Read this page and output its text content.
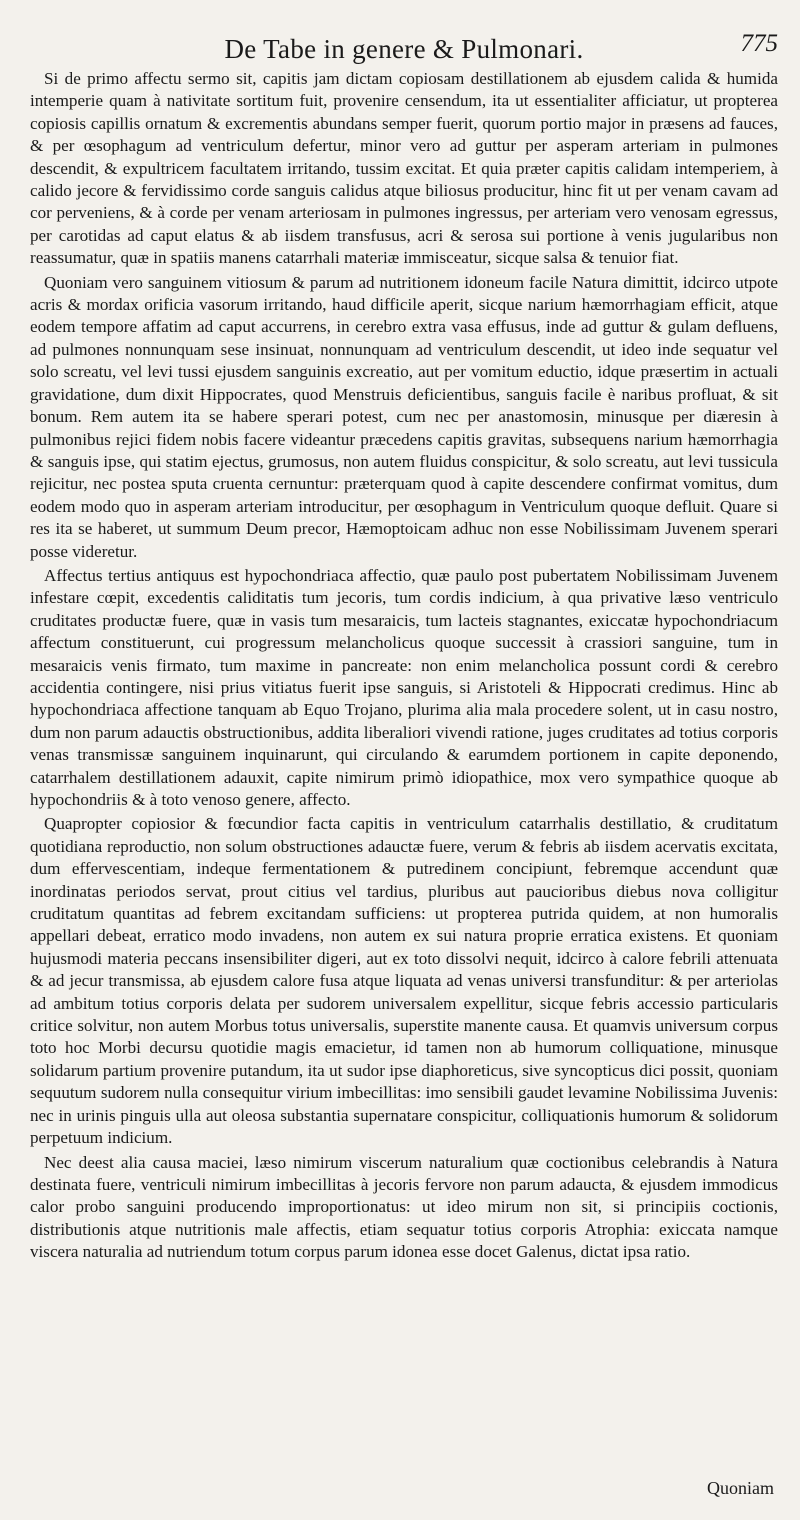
De Tabe in genere & Pulmonari.	775

Si de primo affectu sermo sit, capitis jam dictam copiosam destillationem ab ejusdem calida & humida intemperie quam à nativitate sortitum fuit, provenire censendum, ita ut essentialiter afficiatur, ut propterea copiosis capillis ornatum & excrementis abundans semper fuerit, quorum portio major in præsens ad fauces, & per œsophagum ad ventriculum defertur, minor vero ad guttur per asperam arteriam in pulmones descendit, & expultricem facultatem irritando, tussim excitat. Et quia præter capitis calidam intemperiem, à calido jecore & fervidissimo corde sanguis calidus atque biliosus producitur, hinc fit ut per venam cavam ad cor perveniens, & à corde per venam arteriosam in pulmones ingressus, per arteriam vero venosam egressus, per carotidas ad caput elatus & ab iisdem transfusus, acri & serosa sui portione à venis jugularibus non reassumatur, quæ in spatiis manens catarrhali materiæ immisceatur, sicque salsa & tenuior fiat.

Quoniam vero sanguinem vitiosum & parum ad nutritionem idoneum facile Natura dimittit, idcirco utpote acris & mordax orificia vasorum irritando, haud difficile aperit, sicque narium hæmorrhagiam efficit, atque eodem tempore affatim ad caput accurrens, in cerebro extra vasa effusus, inde ad guttur & gulam defluens, ad pulmones nonnunquam sese insinuat, nonnunquam ad ventriculum descendit, ut ideo inde sequatur vel solo screatu, vel levi tussi ejusdem sanguinis excreatio, aut per vomitum eductio, idque præsertim in actuali gravidatione, dum dixit Hippocrates, quod Menstruis deficientibus, sanguis facile è naribus profluat, & sit bonum. Rem autem ita se habere sperari potest, cum nec per anastomosin, minusque per diæresin à pulmonibus rejici fidem nobis facere videantur præcedens capitis gravitas, subsequens narium hæmorrhagia & sanguis ipse, qui statim ejectus, grumosus, non autem fluidus conspicitur, & solo screatu, aut levi tussicula rejicitur, nec postea sputa cruenta cernuntur: præterquam quod à capite descendere confirmat vomitus, dum eodem modo quo in asperam arteriam introducitur, per œsophagum in Ventriculum quoque defluit. Quare si res ita se haberet, ut summum Deum precor, Hæmoptoicam adhuc non esse Nobilissimam Juvenem sperari posse videretur.

Affectus tertius antiquus est hypochondriaca affectio, quæ paulo post pubertatem Nobilissimam Juvenem infestare cœpit, excedentis caliditatis tum jecoris, tum cordis indicium, à qua privative læso ventriculo cruditates productæ fuere, quæ in vasis tum mesaraicis, tum lacteis stagnantes, exiccatæ hypochondriacum affectum constituerunt, cui progressum melancholicus quoque successit à crassiori sanguine, tum in mesaraicis venis firmato, tum maxime in pancreate: non enim melancholica possunt cordi & cerebro accidentia contingere, nisi prius vitiatus fuerit ipse sanguis, si Aristoteli & Hippocrati credimus. Hinc ab hypochondriaca affectione tanquam ab Equo Trojano, plurima alia mala procedere solent, ut in casu nostro, dum non parum adauctis obstructionibus, addita liberaliori vivendi ratione, juges cruditates ad totius corporis venas transmissæ sanguinem inquinarunt, qui circulando & earumdem portionem in capite deponendo, catarrhalem destillationem adauxit, capite nimirum primò idiopathice, mox vero sympathice quoque ab hypochondriis & à toto venoso genere, affecto.

Quapropter copiosior & fœcundior facta capitis in ventriculum catarrhalis destillatio, & cruditatum quotidiana reproductio, non solum obstructiones adauctæ fuere, verum & febris ab iisdem acervatis excitata, dum effervescentiam, indeque fermentationem & putredinem concipiunt, febremque accendunt quæ inordinatas periodos servat, prout citius vel tardius, pluribus aut paucioribus diebus nova colligitur cruditatum quantitas ad febrem excitandam sufficiens: ut propterea putrida quidem, at non humoralis appellari debeat, erratico modo invadens, non autem ex sui natura proprie erratica existens. Et quoniam hujusmodi materia peccans insensibiliter digeri, aut ex toto dissolvi nequit, idcirco à calore febrili attenuata & ad jecur transmissa, ab ejusdem calore fusa atque liquata ad venas universi transfunditur: & per arteriolas ad ambitum totius corporis delata per sudorem universalem expellitur, sicque febris accessio particularis critice solvitur, non autem Morbus totus universalis, superstite manente causa. Et quamvis universum corpus toto hoc Morbi decursu quotidie magis emacietur, id tamen non ab humorum colliquatione, minusque solidarum partium provenire putandum, ita ut sudor ipse diaphoreticus, sive syncopticus dici possit, quoniam sequutum sudorem nulla consequitur virium imbecillitas: imo sensibili gaudet levamine Nobilissima Juvenis: nec in urinis pinguis ulla aut oleosa substantia supernatare conspicitur, colliquationis humorum & solidorum perpetuum indicium.

Nec deest alia causa maciei, læso nimirum viscerum naturalium quæ coctionibus celebrandis à Natura destinata fuere, ventriculi nimirum imbecillitas à jecoris fervore non parum adaucta, & ejusdem immodicus calor probo sanguini producendo improportionatus: ut ideo mirum non sit, si principiis coctionis, distributionis atque nutritionis male affectis, etiam sequatur totius corporis Atrophia: exiccata namque viscera naturalia ad nutriendum totum corpus parum idonea esse docet Galenus, dictat ipsa ratio.

Quoniam
